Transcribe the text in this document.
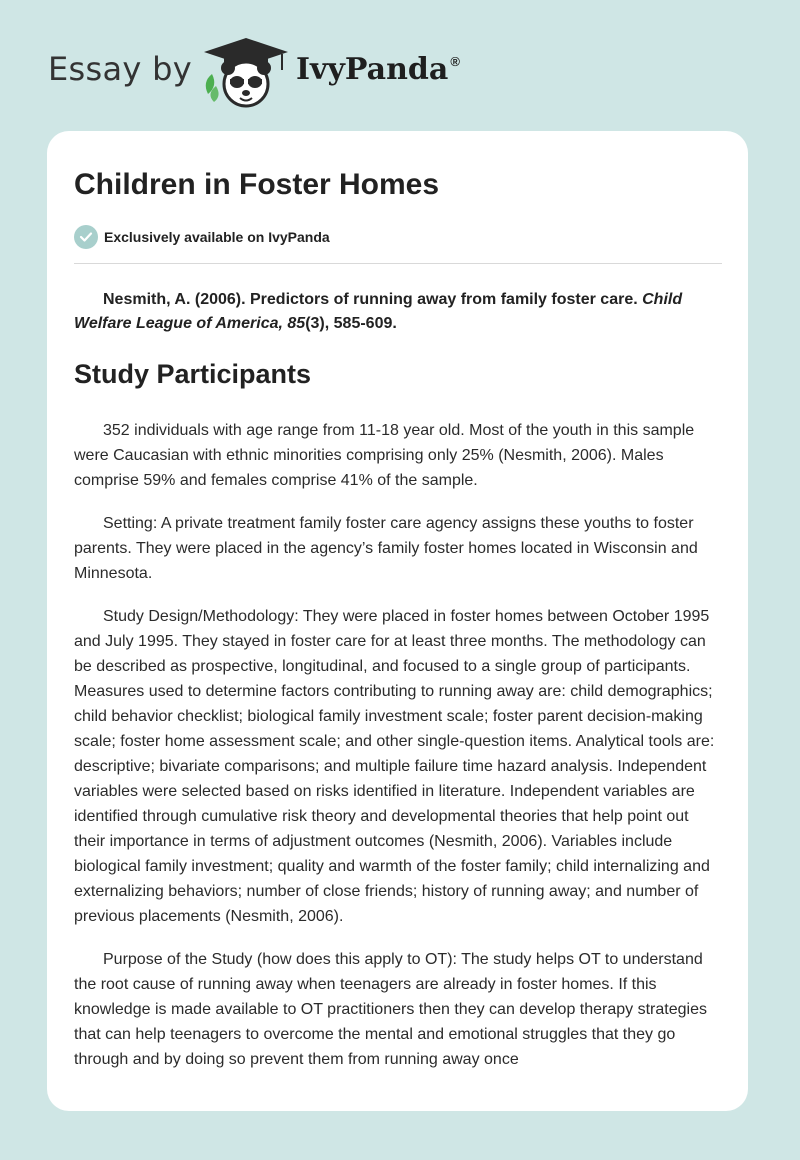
Essay by	IvyPanda ®
Children in Foster Homes
Exclusively available on IvyPanda

Nesmith, A. (2006). Predictors of running away from family foster care. Child Welfare League of America, 85(3), 585-609.

Study Participants

352 individuals with age range from 11-18 year old. Most of the youth in this sample were Caucasian with ethnic minorities comprising only 25% (Nesmith, 2006). Males comprise 59% and females comprise 41% of the sample.

Setting: A private treatment family foster care agency assigns these youths to foster parents. They were placed in the agency’s family foster homes located in Wisconsin and Minnesota.

Study Design/Methodology: They were placed in foster homes between October 1995 and July 1995. They stayed in foster care for at least three months. The methodology can be described as prospective, longitudinal, and focused to a single group of participants. Measures used to determine factors contributing to running away are: child demographics; child behavior checklist; biological family investment scale; foster parent decision-making scale; foster home assessment scale; and other single-question items. Analytical tools are: descriptive; bivariate comparisons; and multiple failure time hazard analysis. Independent variables were selected based on risks identified in literature. Independent variables are identified through cumulative risk theory and developmental theories that help point out their importance in terms of adjustment outcomes (Nesmith, 2006). Variables include biological family investment; quality and warmth of the foster family; child internalizing and externalizing behaviors; number of close friends; history of running away; and number of previous placements (Nesmith, 2006).

Purpose of the Study (how does this apply to OT): The study helps OT to understand the root cause of running away when teenagers are already in foster homes. If this knowledge is made available to OT practitioners then they can develop therapy strategies that can help teenagers to overcome the mental and emotional struggles that they go through and by doing so prevent them from running away once
